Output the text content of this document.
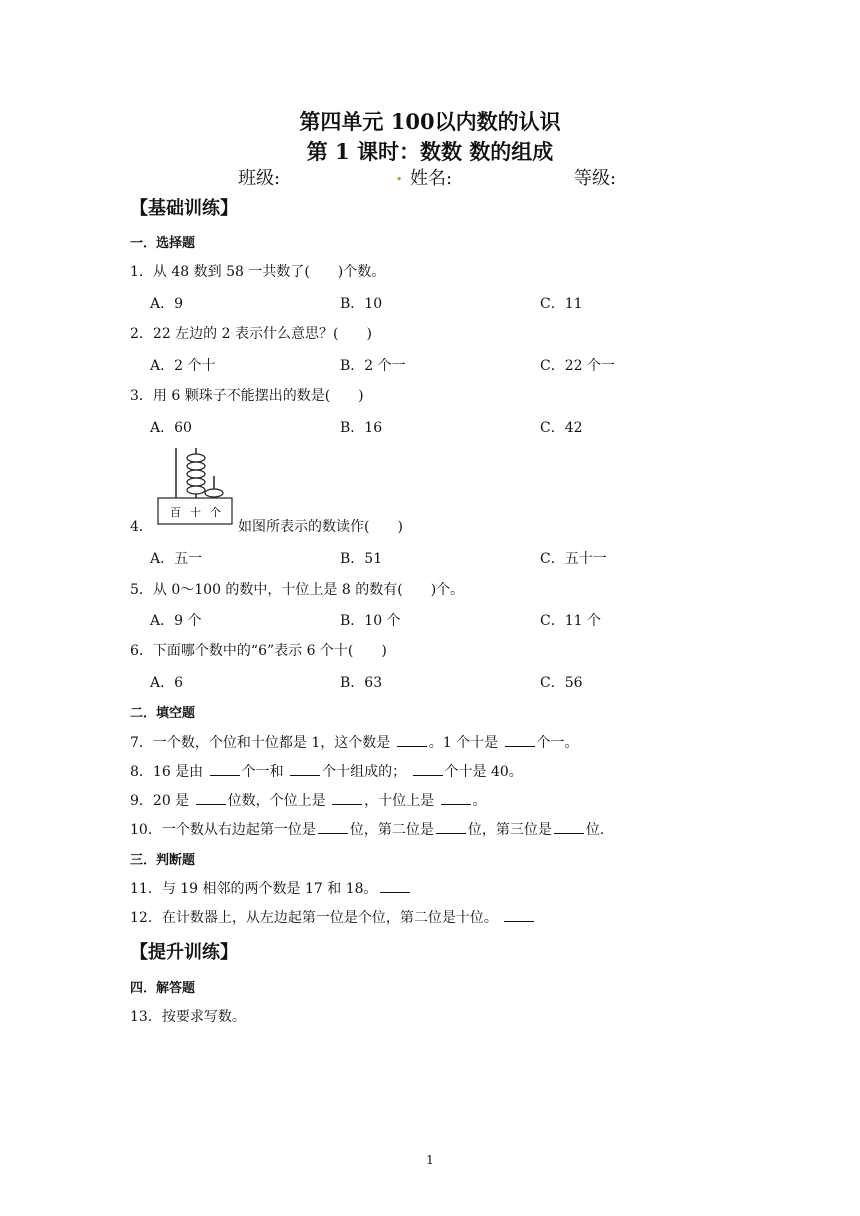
第四单元 100以内数的认识
第 1 课时：数数 数的组成
班级:	. 姓名:	等级:
【基础训练】
一．选择题
1．从 48 数到 58 一共数了(　　)个数。
A．9	B．10	C．11
2．22 左边的 2 表示什么意思？(　　)
A．2 个十	B．2 个一	C．22 个一
3．用 6 颗珠子不能摆出的数是(　　)
A．60	B．16	C．42
4．
百 十 个
如图所表示的数读作(　　)
A．五一	B．51	C．五十一
5．从 0～100 的数中，十位上是 8 的数有(　　)个。
A．9 个	B．10 个	C．11 个
6．下面哪个数中的“6”表示 6 个十(　　)
A．6	B．63	C．56
二．填空题
7．一个数，个位和十位都是 1，这个数是 。1 个十是 个一。
8．16 是由 个一和 个十组成的； 个十是 40。
9．20 是 位数，个位上是 ，十位上是 。
10．一个数从右边起第一位是 位，第二位是 位，第三位是 位.
三．判断题
11．与 19 相邻的两个数是 17 和 18。
12．在计数器上，从左边起第一位是个位，第二位是十位。
【提升训练】
四．解答题
13．按要求写数。
1
